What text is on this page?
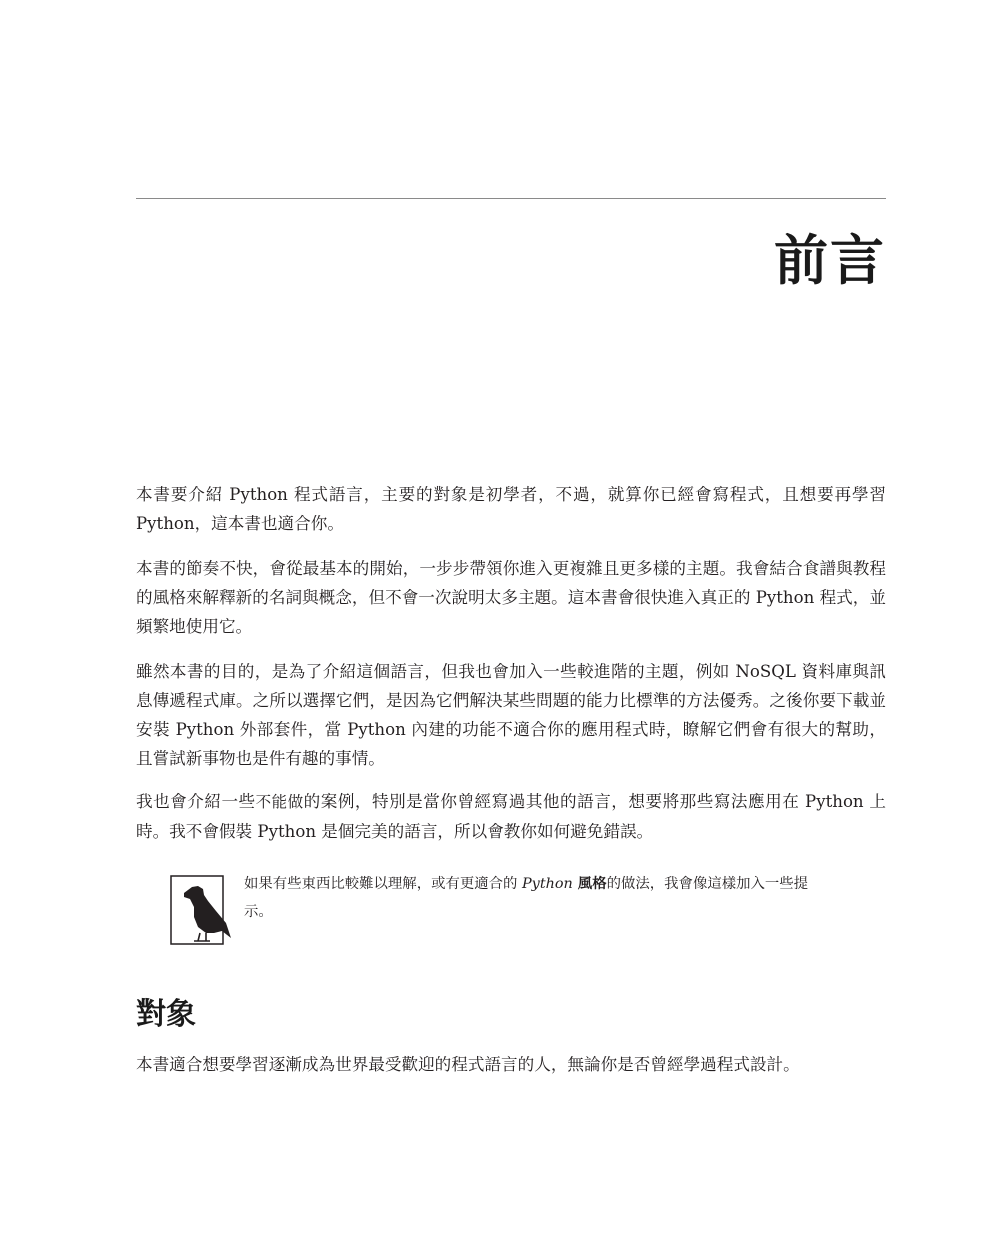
前言

本書要介紹 Python 程式語言，主要的對象是初學者，不過，就算你已經會寫程式，且想要再學習 Python，這本書也適合你。

本書的節奏不快，會從最基本的開始，一步步帶領你進入更複雜且更多樣的主題。我會結合食譜與教程的風格來解釋新的名詞與概念，但不會一次說明太多主題。這本書會很快進入真正的 Python 程式，並頻繁地使用它。

雖然本書的目的，是為了介紹這個語言，但我也會加入一些較進階的主題，例如 NoSQL 資料庫與訊息傳遞程式庫。之所以選擇它們，是因為它們解決某些問題的能力比標準的方法優秀。之後你要下載並安裝 Python 外部套件，當 Python 內建的功能不適合你的應用程式時，瞭解它們會有很大的幫助，且嘗試新事物也是件有趣的事情。

我也會介紹一些不能做的案例，特別是當你曾經寫過其他的語言，想要將那些寫法應用在 Python 上時。我不會假裝 Python 是個完美的語言，所以會教你如何避免錯誤。

如果有些東西比較難以理解，或有更適合的 Python 風格的做法，我會像這樣加入一些提示。

對象

本書適合想要學習逐漸成為世界最受歡迎的程式語言的人，無論你是否曾經學過程式設計。
